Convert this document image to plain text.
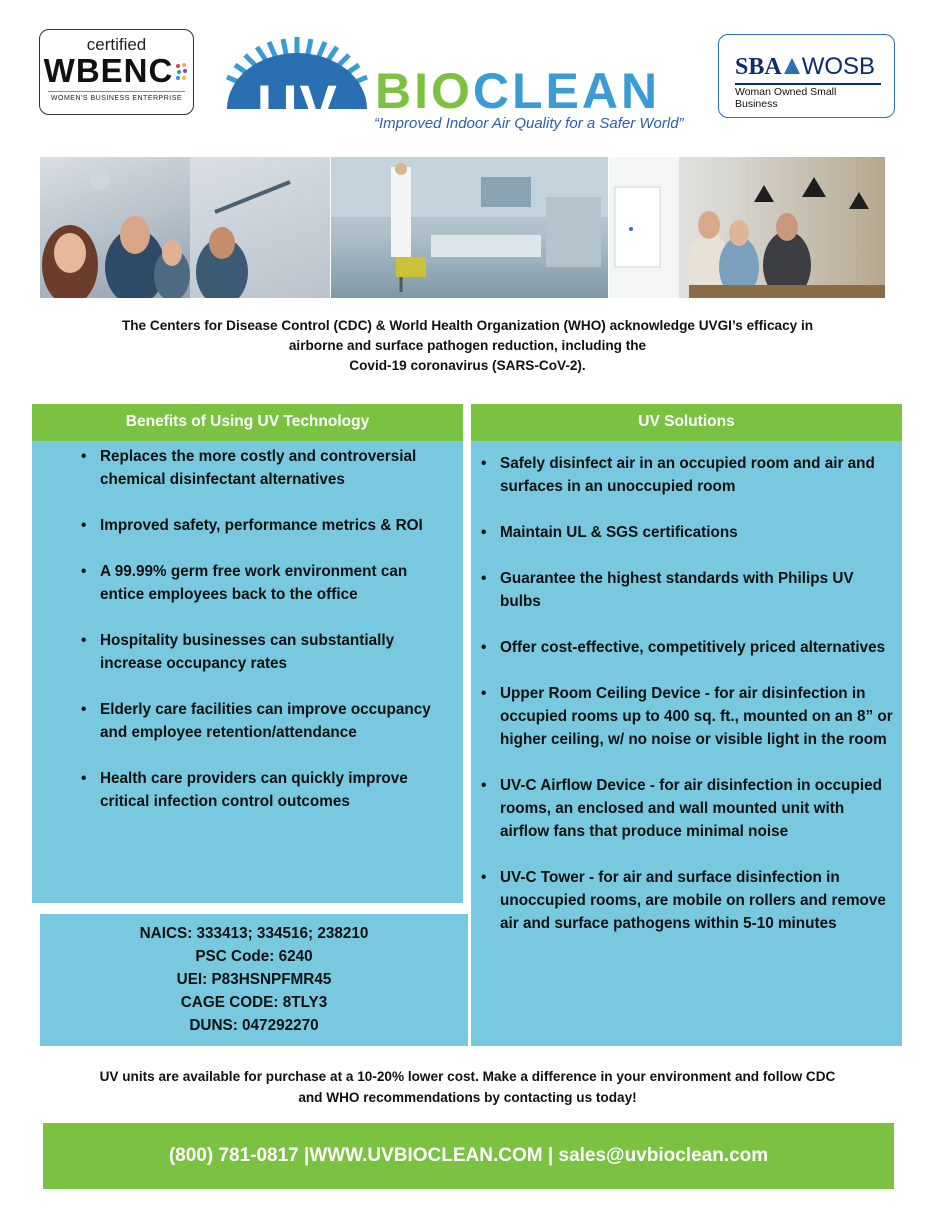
certified
WBENC
WOMEN'S BUSINESS ENTERPRISE UV BIOCLEAN
“Improved Indoor Air Quality for a Safer World”
SBA WOSB
Woman Owned Small Business
The Centers for Disease Control (CDC) & World Health Organization (WHO) acknowledge UVGI’s efficacy in
airborne and surface pathogen reduction, including the
Covid-19 coronavirus (SARS-CoV-2).
Benefits of Using UV Technology
• Replaces the more costly and controversial chemical disinfectant alternatives
• Improved safety, performance metrics & ROI
• A 99.99% germ free work environment can entice employees back to the office
• Hospitality businesses can substantially increase occupancy rates
• Elderly care facilities can improve occupancy and employee retention/attendance
• Health care providers can quickly improve critical infection control outcomes
UV Solutions
• Safely disinfect air in an occupied room and air and surfaces in an unoccupied room
• Maintain UL & SGS certifications
• Guarantee the highest standards with Philips UV bulbs
• Offer cost-effective, competitively priced alternatives
• Upper Room Ceiling Device - for air disinfection in occupied rooms up to 400 sq. ft., mounted on an 8” or higher ceiling, w/ no noise or visible light in the room
• UV-C Airflow Device - for air disinfection in occupied rooms, an enclosed and wall mounted unit with airflow fans that produce minimal noise
• UV-C Tower - for air and surface disinfection in unoccupied rooms, are mobile on rollers and remove air and surface pathogens within 5-10 minutes
NAICS: 333413; 334516; 238210
PSC Code: 6240
UEI: P83HSNPFMR45
CAGE CODE: 8TLY3
DUNS: 047292270
UV units are available for purchase at a 10-20% lower cost. Make a difference in your environment and follow CDC
and WHO recommendations by contacting us today!
(800) 781-0817 |WWW.UVBIOCLEAN.COM | sales@uvbioclean.com
